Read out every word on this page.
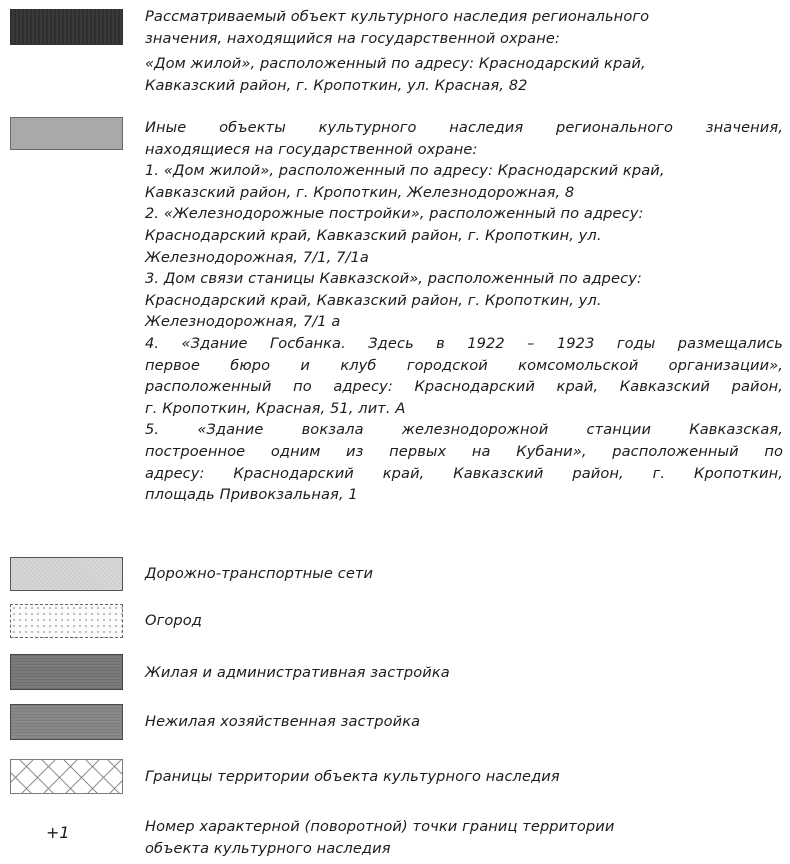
Рассматриваемый объект культурного наследия регионального
значения, находящийся на государственной охране:
«Дом жилой», расположенный по адресу: Краснодарский край,
Кавказский район, г. Кропоткин, ул. Красная, 82
Иные объекты культурного наследия регионального значения,
находящиеся на государственной охране:
1. «Дом жилой», расположенный по адресу: Краснодарский край,
Кавказский район, г. Кропоткин, Железнодорожная, 8
2. «Железнодорожные постройки», расположенный по адресу:
Краснодарский край, Кавказский район, г. Кропоткин, ул.
Железнодорожная, 7/1, 7/1а
3. Дом связи станицы Кавказской», расположенный по адресу:
Краснодарский край, Кавказский район, г. Кропоткин, ул.
Железнодорожная, 7/1 а
4. «Здание Госбанка. Здесь в 1922 – 1923 годы размещались
первое бюро и клуб городской комсомольской организации»,
расположенный по адресу: Краснодарский край, Кавказский район,
г. Кропоткин, Красная, 51, лит. А
5. «Здание вокзала железнодорожной станции Кавказская,
построенное одним из первых на Кубани», расположенный по
адресу: Краснодарский край, Кавказский район, г. Кропоткин,
площадь Привокзальная, 1
Дорожно-транспортные сети
Огород
Жилая и административная застройка
Нежилая хозяйственная застройка
Границы территории объекта культурного наследия
+1	Номер характерной (поворотной) точки границ территории
объекта культурного наследия
